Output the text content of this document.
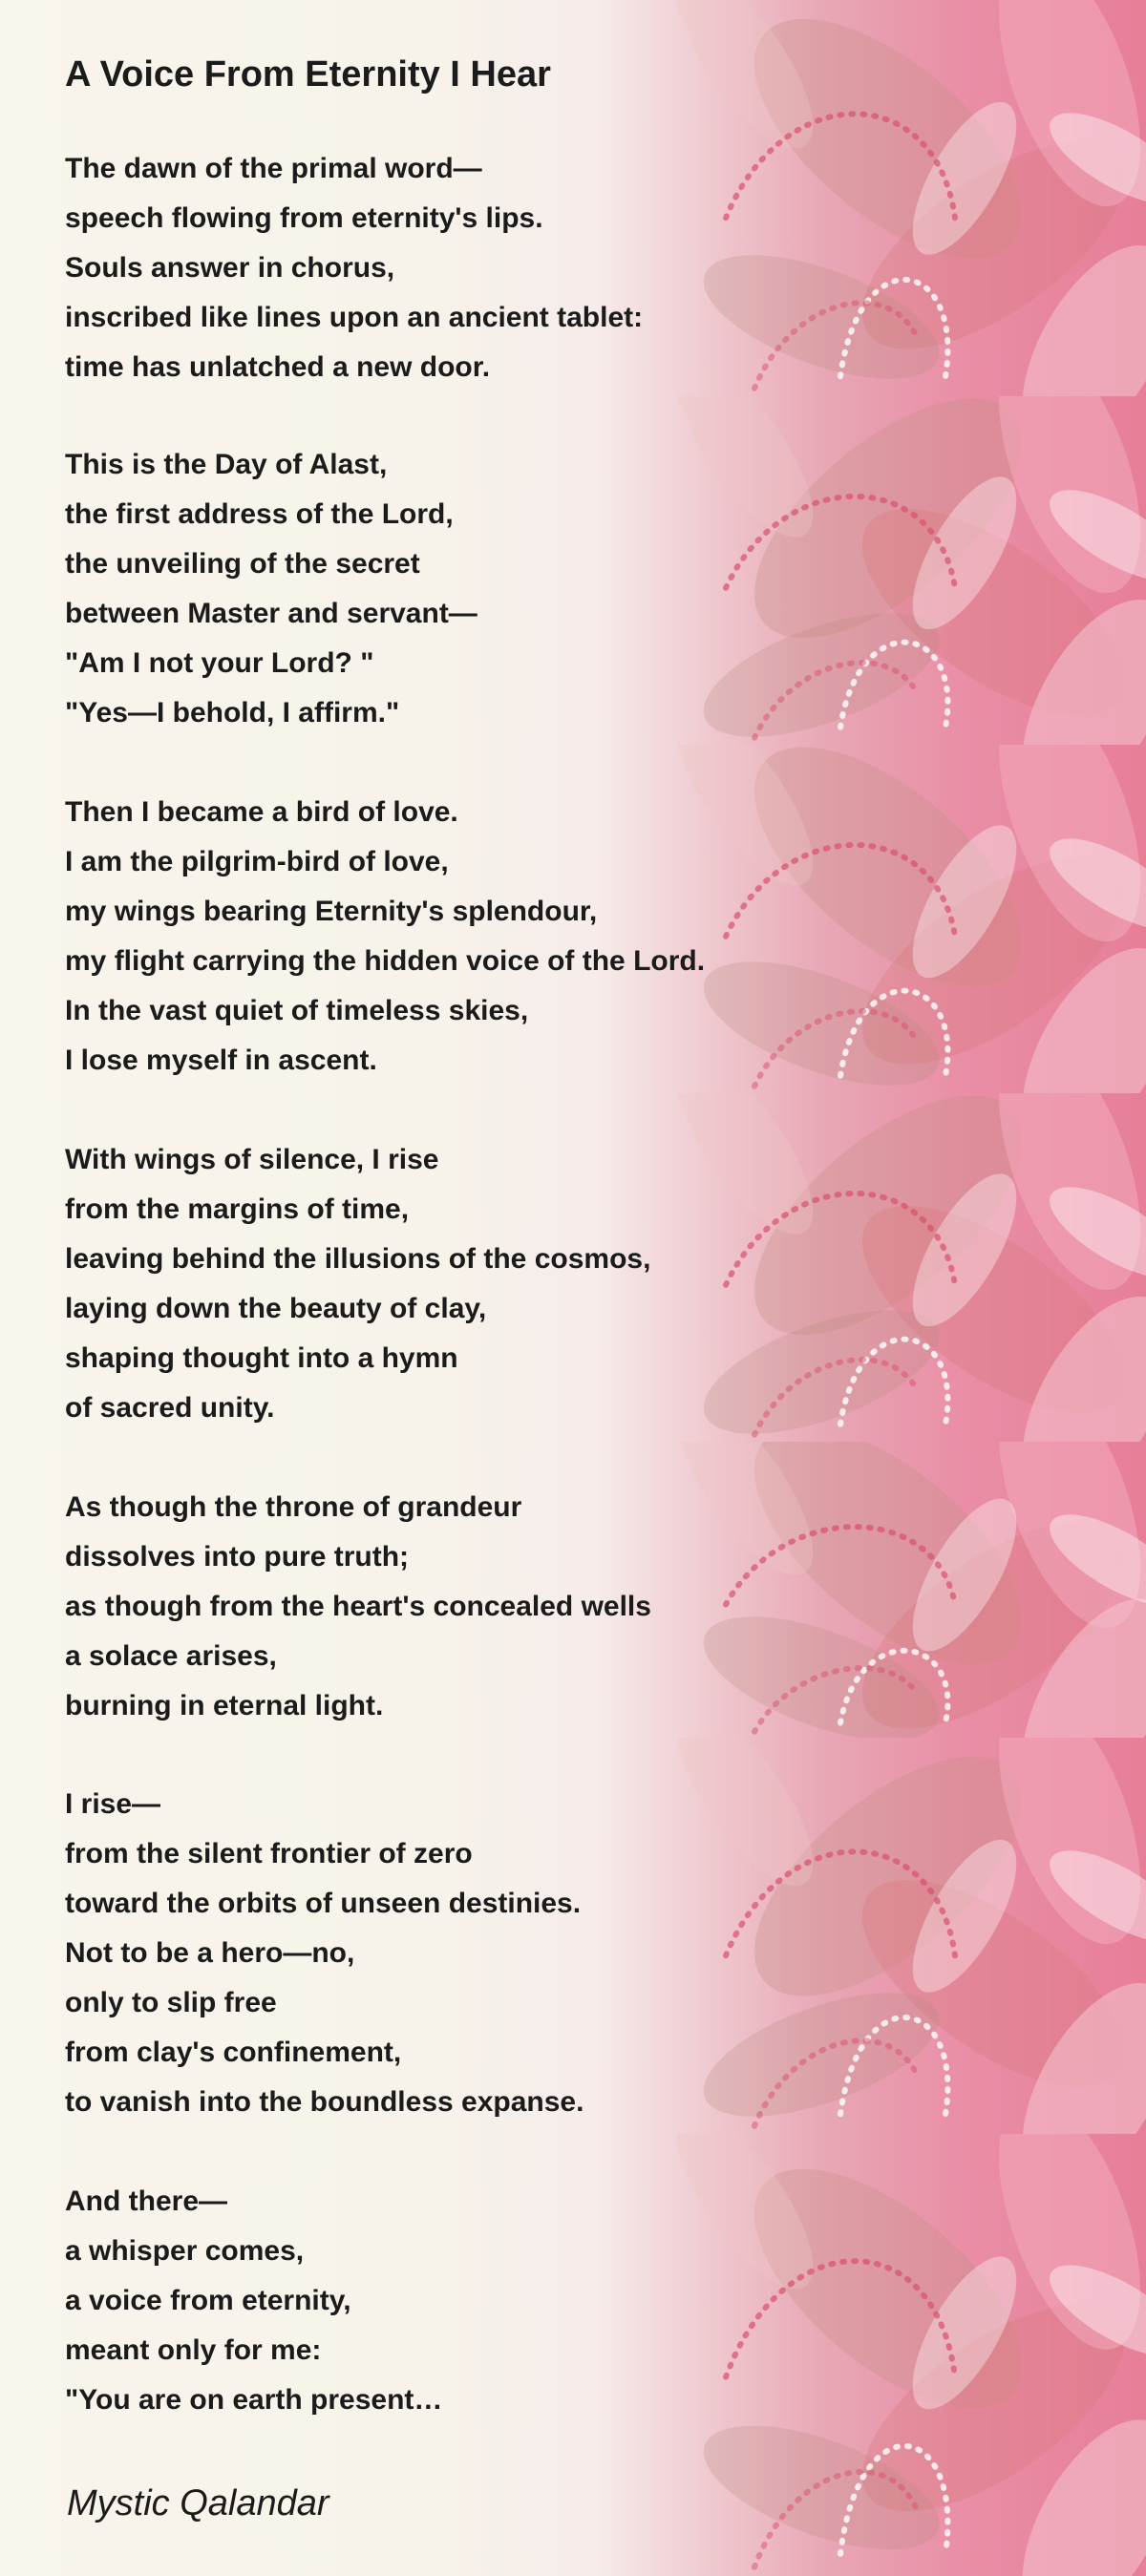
A Voice From Eternity I Hear
The dawn of the primal word—
speech flowing from eternity's lips.
Souls answer in chorus,
inscribed like lines upon an ancient tablet:
time has unlatched a new door.
This is the Day of Alast,
the first address of the Lord,
the unveiling of the secret
between Master and servant—
"Am I not your Lord? "
"Yes—I behold, I affirm."
Then I became a bird of love.
I am the pilgrim-bird of love,
my wings bearing Eternity's splendour,
my flight carrying the hidden voice of the Lord.
In the vast quiet of timeless skies,
I lose myself in ascent.
With wings of silence, I rise
from the margins of time,
leaving behind the illusions of the cosmos,
laying down the beauty of clay,
shaping thought into a hymn
of sacred unity.
As though the throne of grandeur
dissolves into pure truth;
as though from the heart's concealed wells
a solace arises,
burning in eternal light.
I rise—
from the silent frontier of zero
toward the orbits of unseen destinies.
Not to be a hero—no,
only to slip free
from clay's confinement,
to vanish into the boundless expanse.
And there—
a whisper comes,
a voice from eternity,
meant only for me:
"You are on earth present…
Mystic Qalandar
